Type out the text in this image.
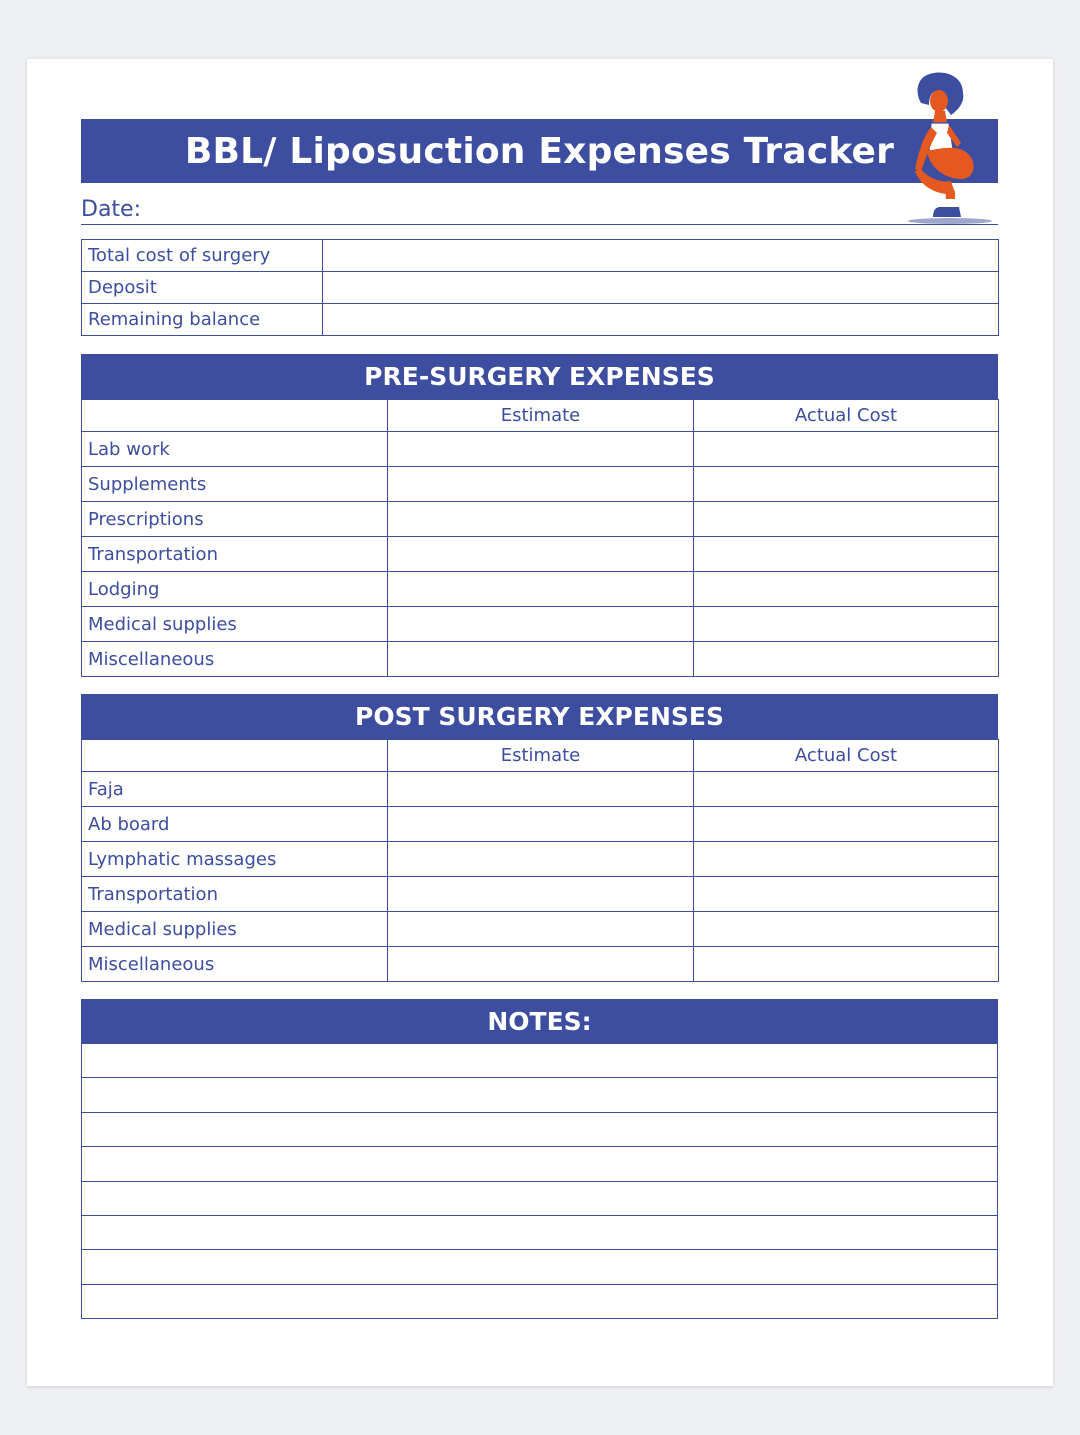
BBL/ Liposuction Expenses Tracker
Date:
Total cost of surgery	
Deposit	
Remaining balance	
PRE-SURGERY EXPENSES
	Estimate	Actual Cost
Lab work		
Supplements		
Prescriptions		
Transportation		
Lodging		
Medical supplies		
Miscellaneous		
POST SURGERY EXPENSES
	Estimate	Actual Cost
Faja		
Ab board		
Lymphatic massages		
Transportation		
Medical supplies		
Miscellaneous		
NOTES:
